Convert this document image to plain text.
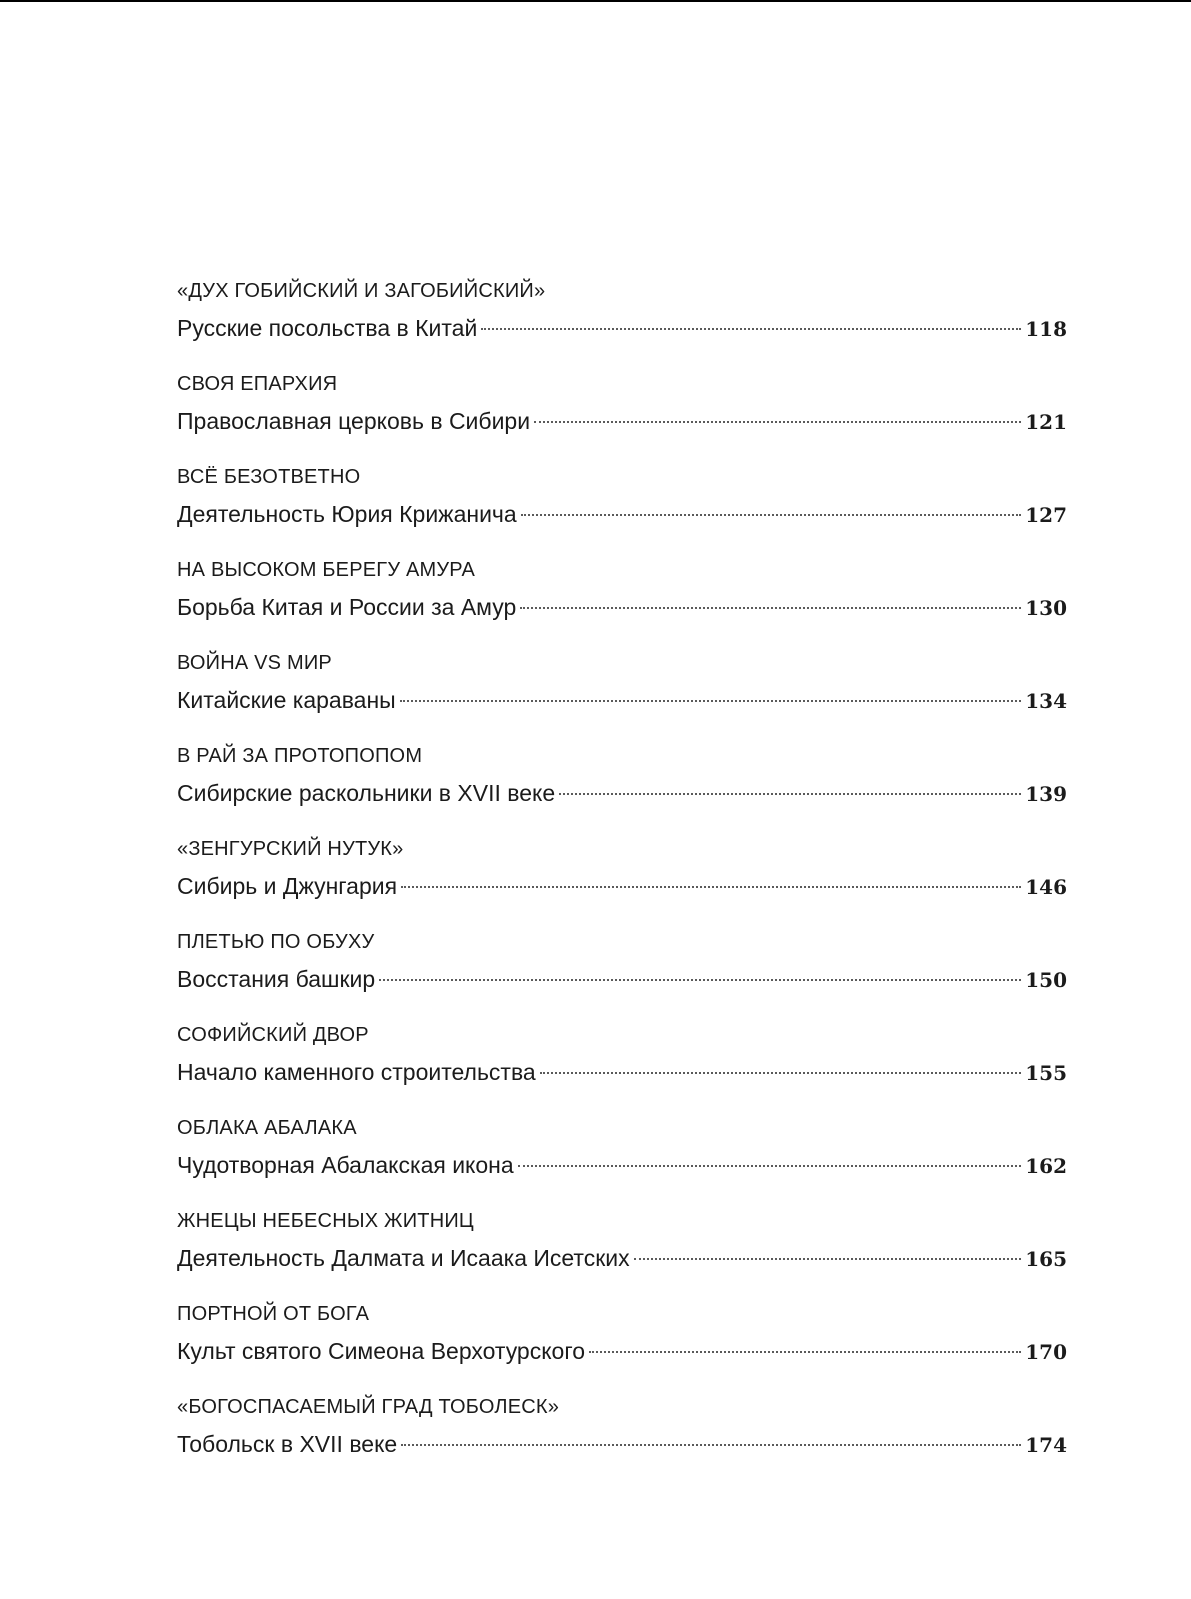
«ДУХ ГОБИЙСКИЙ И ЗАГОБИЙСКИЙ»
Русские посольства в Китай	118
СВОЯ ЕПАРХИЯ
Православная церковь в Сибири	121
ВСЁ БЕЗОТВЕТНО
Деятельность Юрия Крижанича	127
НА ВЫСОКОМ БЕРЕГУ АМУРА
Борьба Китая и России за Амур	130
ВОЙНА VS МИР
Китайские караваны	134
В РАЙ ЗА ПРОТОПОПОМ
Сибирские раскольники в XVII веке	139
«ЗЕНГУРСКИЙ НУТУК»
Сибирь и Джунгария	146
ПЛЕТЬЮ ПО ОБУХУ
Восстания башкир	150
СОФИЙСКИЙ ДВОР
Начало каменного строительства	155
ОБЛАКА АБАЛАКА
Чудотворная Абалакская икона	162
ЖНЕЦЫ НЕБЕСНЫХ ЖИТНИЦ
Деятельность Далмата и Исаака Исетских	165
ПОРТНОЙ ОТ БОГА
Культ святого Симеона Верхотурского	170
«БОГОСПАСАЕМЫЙ ГРАД ТОБОЛЕСК»
Тобольск в XVII веке	174
